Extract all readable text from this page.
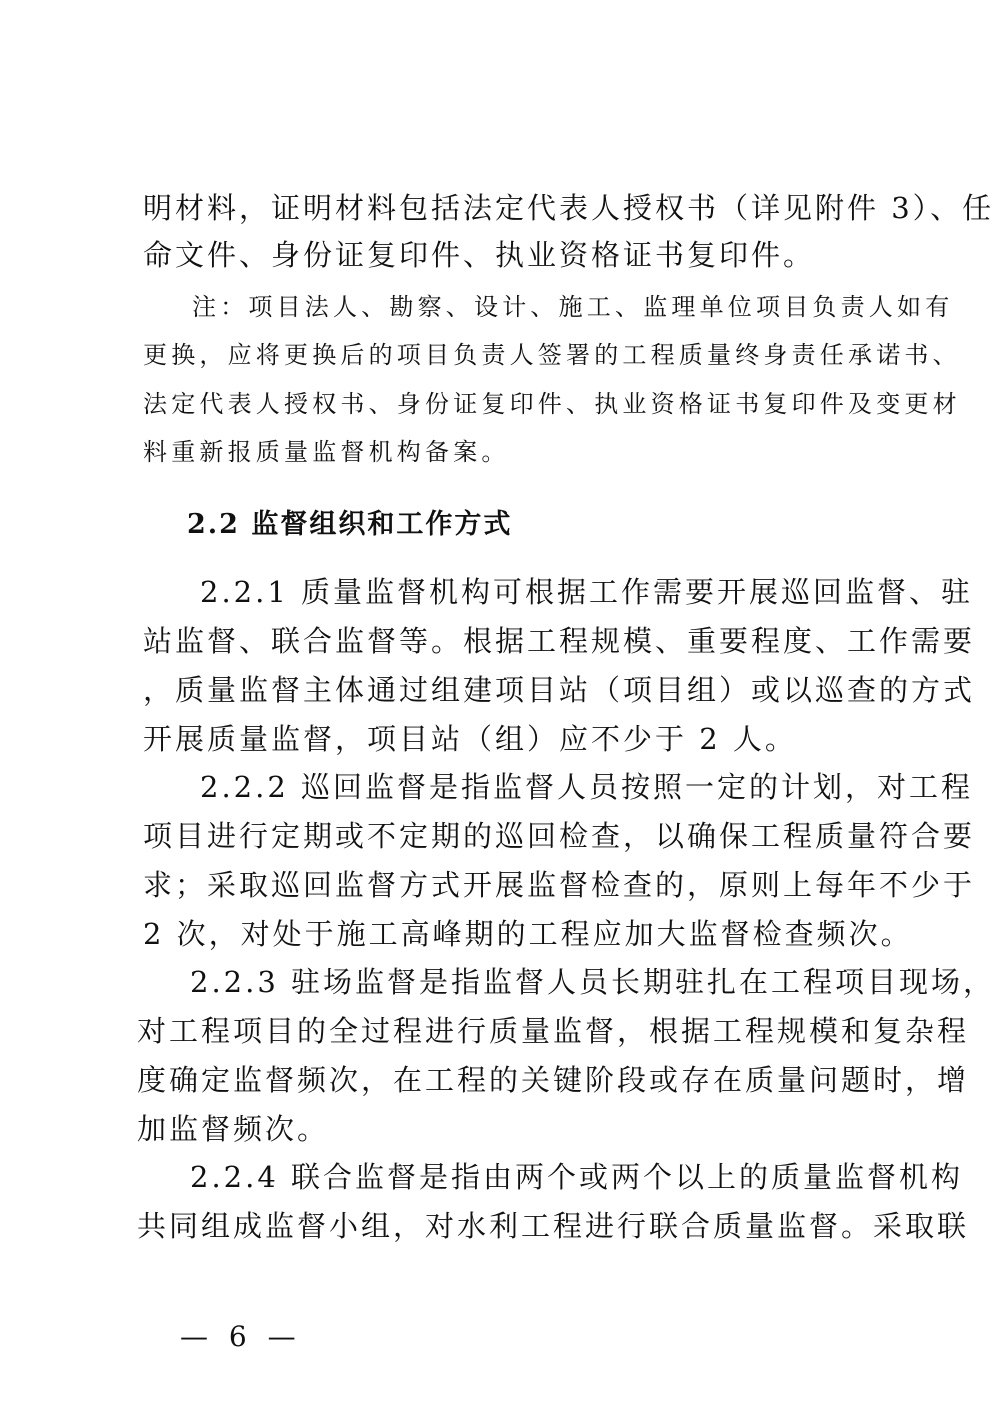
明材料，证明材料包括法定代表人授权书（详见附件 3）、任
命文件、身份证复印件、执业资格证书复印件。
注：项目法人、勘察、设计、施工、监理单位项目负责人如有
更换，应将更换后的项目负责人签署的工程质量终身责任承诺书、
法定代表人授权书、身份证复印件、执业资格证书复印件及变更材
料重新报质量监督机构备案。
2.2 监督组织和工作方式
2.2.1 质量监督机构可根据工作需要开展巡回监督、驻
站监督、联合监督等。根据工程规模、重要程度、工作需要
，质量监督主体通过组建项目站（项目组）或以巡查的方式
开展质量监督，项目站（组）应不少于 2 人。
2.2.2 巡回监督是指监督人员按照一定的计划，对工程
项目进行定期或不定期的巡回检查，以确保工程质量符合要
求；采取巡回监督方式开展监督检查的，原则上每年不少于
2 次，对处于施工高峰期的工程应加大监督检查频次。
2.2.3 驻场监督是指监督人员长期驻扎在工程项目现场，
对工程项目的全过程进行质量监督，根据工程规模和复杂程
度确定监督频次，在工程的关键阶段或存在质量问题时，增
加监督频次。
2.2.4 联合监督是指由两个或两个以上的质量监督机构
共同组成监督小组，对水利工程进行联合质量监督。采取联
— 6 —
